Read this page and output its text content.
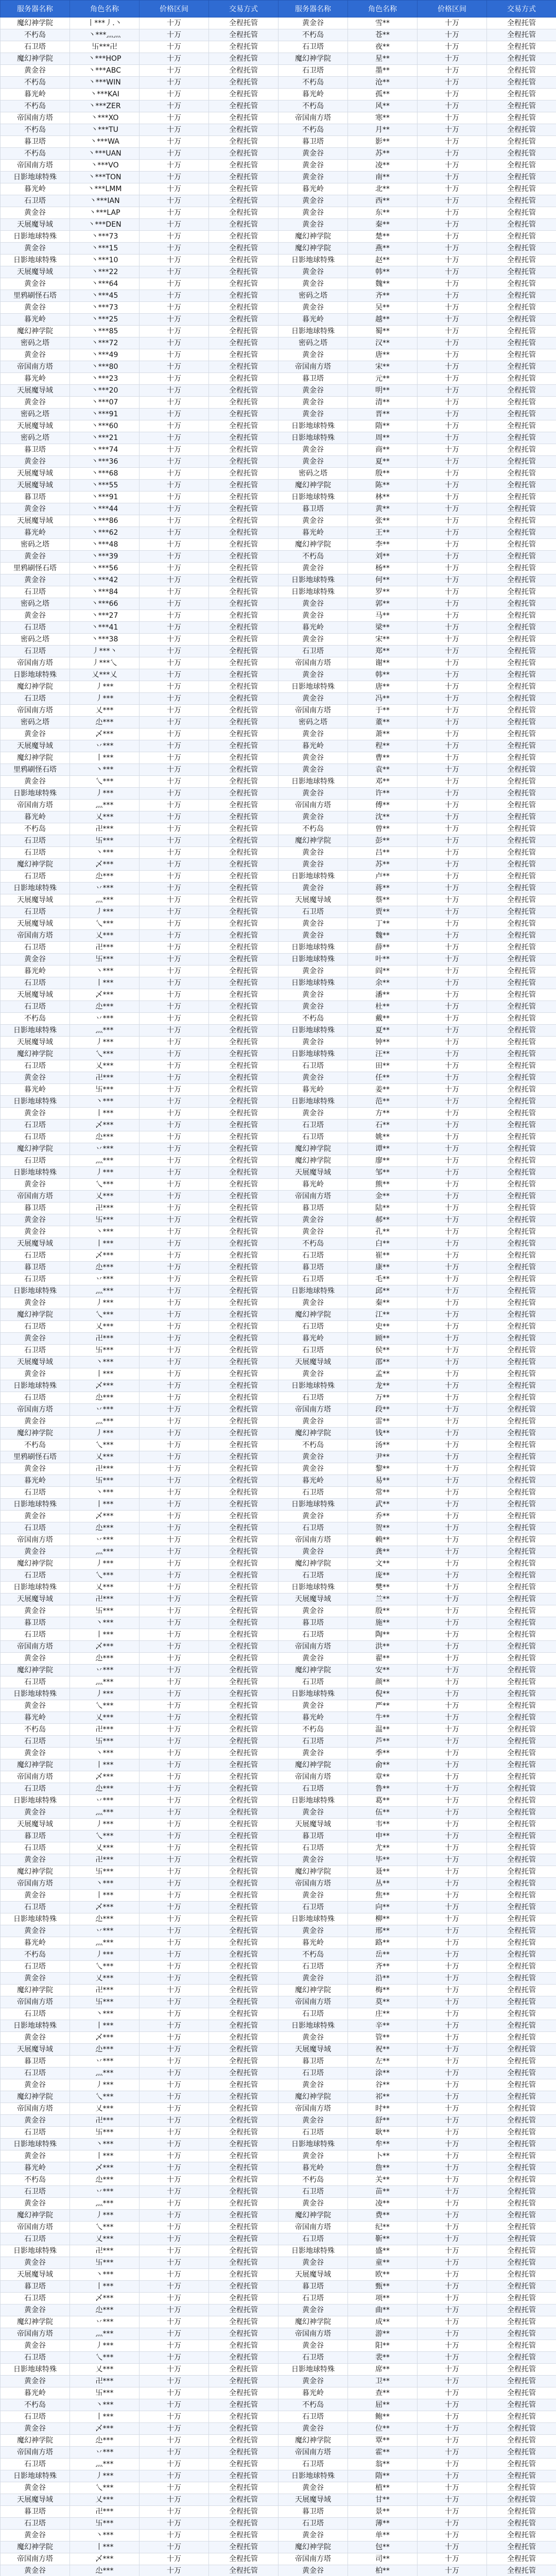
服务器名称	角色名称	价格区间	交易方式	服务器名称	角色名称	价格区间	交易方式
魔幻神学院	丨***丿.丶	十万	全程托管	黄金谷	雪**	十万	全程托管
不朽岛	丶***灬灬	十万	全程托管	不朽岛	苍**	十万	全程托管
石卫塔	卐***卍	十万	全程托管	石卫塔	夜**	十万	全程托管
魔幻神学院	丶***HOP	十万	全程托管	魔幻神学院	星**	十万	全程托管
黄金谷	丶***ABC	十万	全程托管	石卫塔	墨**	十万	全程托管
不朽岛	丶***WIN	十万	全程托管	不朽岛	沧**	十万	全程托管
暮光岭	丶***KAI	十万	全程托管	暮光岭	孤**	十万	全程托管
不朽岛	丶***ZER	十万	全程托管	不朽岛	风**	十万	全程托管
帝国南方塔	丶***XO	十万	全程托管	帝国南方塔	寒**	十万	全程托管
不朽岛	丶***TU	十万	全程托管	不朽岛	月**	十万	全程托管
暮卫塔	丶***WA	十万	全程托管	暮卫塔	影**	十万	全程托管
不朽岛	丶***UAN	十万	全程托管	黄金谷	苏**	十万	全程托管
帝国南方塔	丶***VO	十万	全程托管	黄金谷	凌**	十万	全程托管
日影地球特殊	丶***TON	十万	全程托管	黄金谷	南**	十万	全程托管
暮光岭	丶***LMM	十万	全程托管	暮光岭	北**	十万	全程托管
石卫塔	丶***IAN	十万	全程托管	黄金谷	西**	十万	全程托管
黄金谷	丶***LAP	十万	全程托管	黄金谷	东**	十万	全程托管
天展魔导域	丶***DEN	十万	全程托管	黄金谷	秦**	十万	全程托管
日影地球特殊	丶***73	十万	全程托管	魔幻神学院	楚**	十万	全程托管
黄金谷	丶***15	十万	全程托管	魔幻神学院	燕**	十万	全程托管
日影地球特殊	丶***10	十万	全程托管	日影地球特殊	赵**	十万	全程托管
天展魔导域	丶***22	十万	全程托管	黄金谷	韩**	十万	全程托管
黄金谷	丶***64	十万	全程托管	黄金谷	魏**	十万	全程托管
里鸦刷怪石塔	丶***45	十万	全程托管	密码之塔	齐**	十万	全程托管
黄金谷	丶***73	十万	全程托管	黄金谷	吴**	十万	全程托管
暮光岭	丶***25	十万	全程托管	暮光岭	越**	十万	全程托管
魔幻神学院	丶***85	十万	全程托管	日影地球特殊	蜀**	十万	全程托管
密码之塔	丶***72	十万	全程托管	密码之塔	汉**	十万	全程托管
黄金谷	丶***49	十万	全程托管	黄金谷	唐**	十万	全程托管
帝国南方塔	丶***80	十万	全程托管	帝国南方塔	宋**	十万	全程托管
暮光岭	丶***23	十万	全程托管	暮卫塔	元**	十万	全程托管
天展魔导域	丶***20	十万	全程托管	黄金谷	明**	十万	全程托管
黄金谷	丶***07	十万	全程托管	黄金谷	清**	十万	全程托管
密码之塔	丶***91	十万	全程托管	黄金谷	晋**	十万	全程托管
天展魔导域	丶***60	十万	全程托管	日影地球特殊	隋**	十万	全程托管
密码之塔	丶***21	十万	全程托管	日影地球特殊	周**	十万	全程托管
暮卫塔	丶***74	十万	全程托管	黄金谷	商**	十万	全程托管
黄金谷	丶***36	十万	全程托管	黄金谷	夏**	十万	全程托管
天展魔导域	丶***68	十万	全程托管	密码之塔	殷**	十万	全程托管
天展魔导域	丶***55	十万	全程托管	魔幻神学院	陈**	十万	全程托管
暮卫塔	丶***91	十万	全程托管	日影地球特殊	林**	十万	全程托管
黄金谷	丶***44	十万	全程托管	暮卫塔	黄**	十万	全程托管
天展魔导域	丶***86	十万	全程托管	黄金谷	张**	十万	全程托管
暮光岭	丶***62	十万	全程托管	暮光岭	王**	十万	全程托管
密码之塔	丶***48	十万	全程托管	魔幻神学院	李**	十万	全程托管
黄金谷	丶***39	十万	全程托管	不朽岛	刘**	十万	全程托管
里鸦刷怪石塔	丶***56	十万	全程托管	黄金谷	杨**	十万	全程托管
黄金谷	丶***42	十万	全程托管	日影地球特殊	何**	十万	全程托管
石卫塔	丶***84	十万	全程托管	日影地球特殊	罗**	十万	全程托管
密码之塔	丶***66	十万	全程托管	黄金谷	郭**	十万	全程托管
黄金谷	丶***27	十万	全程托管	黄金谷	马**	十万	全程托管
石卫塔	丶***41	十万	全程托管	暮光岭	梁**	十万	全程托管
密码之塔	丶***38	十万	全程托管	黄金谷	宋**	十万	全程托管
石卫塔	丿***丶	十万	全程托管	石卫塔	郑**	十万	全程托管
帝国南方塔	丿***乀	十万	全程托管	帝国南方塔	谢**	十万	全程托管
日影地球特殊	乂***乂	十万	全程托管	黄金谷	韩**	十万	全程托管
魔幻神学院	丿***	十万	全程托管	日影地球特殊	唐**	十万	全程托管
石卫塔	丿***	十万	全程托管	黄金谷	冯**	十万	全程托管
帝国南方塔	乂***	十万	全程托管	帝国南方塔	于**	十万	全程托管
密码之塔	尐***	十万	全程托管	密码之塔	董**	十万	全程托管
黄金谷	乄***	十万	全程托管	黄金谷	萧**	十万	全程托管
天展魔导域	丷***	十万	全程托管	暮光岭	程**	十万	全程托管
魔幻神学院	丨***	十万	全程托管	黄金谷	曹**	十万	全程托管
里鸦刷怪石塔	丶***	十万	全程托管	黄金谷	袁**	十万	全程托管
黄金谷	乀***	十万	全程托管	日影地球特殊	邓**	十万	全程托管
日影地球特殊	丿***	十万	全程托管	黄金谷	许**	十万	全程托管
帝国南方塔	灬***	十万	全程托管	帝国南方塔	傅**	十万	全程托管
暮光岭	乂***	十万	全程托管	黄金谷	沈**	十万	全程托管
不朽岛	卍***	十万	全程托管	不朽岛	曾**	十万	全程托管
石卫塔	卐***	十万	全程托管	魔幻神学院	彭**	十万	全程托管
石卫塔	丶***	十万	全程托管	黄金谷	吕**	十万	全程托管
魔幻神学院	乄***	十万	全程托管	黄金谷	苏**	十万	全程托管
石卫塔	尐***	十万	全程托管	日影地球特殊	卢**	十万	全程托管
日影地球特殊	丷***	十万	全程托管	黄金谷	蒋**	十万	全程托管
天展魔导域	灬***	十万	全程托管	天展魔导域	蔡**	十万	全程托管
石卫塔	丿***	十万	全程托管	石卫塔	贾**	十万	全程托管
天展魔导域	乀***	十万	全程托管	黄金谷	丁**	十万	全程托管
帝国南方塔	乂***	十万	全程托管	黄金谷	魏**	十万	全程托管
石卫塔	卍***	十万	全程托管	日影地球特殊	薛**	十万	全程托管
黄金谷	卐***	十万	全程托管	日影地球特殊	叶**	十万	全程托管
暮光岭	丶***	十万	全程托管	黄金谷	阎**	十万	全程托管
石卫塔	丨***	十万	全程托管	日影地球特殊	余**	十万	全程托管
天展魔导域	乄***	十万	全程托管	黄金谷	潘**	十万	全程托管
石卫塔	尐***	十万	全程托管	黄金谷	杜**	十万	全程托管
不朽岛	丷***	十万	全程托管	不朽岛	戴**	十万	全程托管
日影地球特殊	灬***	十万	全程托管	日影地球特殊	夏**	十万	全程托管
天展魔导域	丿***	十万	全程托管	黄金谷	钟**	十万	全程托管
魔幻神学院	乀***	十万	全程托管	日影地球特殊	汪**	十万	全程托管
石卫塔	乂***	十万	全程托管	石卫塔	田**	十万	全程托管
黄金谷	卍***	十万	全程托管	黄金谷	任**	十万	全程托管
暮光岭	卐***	十万	全程托管	暮光岭	姜**	十万	全程托管
日影地球特殊	丶***	十万	全程托管	日影地球特殊	范**	十万	全程托管
黄金谷	丨***	十万	全程托管	黄金谷	方**	十万	全程托管
石卫塔	乄***	十万	全程托管	石卫塔	石**	十万	全程托管
石卫塔	尐***	十万	全程托管	石卫塔	姚**	十万	全程托管
魔幻神学院	丷***	十万	全程托管	魔幻神学院	谭**	十万	全程托管
石卫塔	灬***	十万	全程托管	魔幻神学院	廖**	十万	全程托管
日影地球特殊	丿***	十万	全程托管	天展魔导域	邹**	十万	全程托管
黄金谷	乀***	十万	全程托管	暮光岭	熊**	十万	全程托管
帝国南方塔	乂***	十万	全程托管	帝国南方塔	金**	十万	全程托管
暮卫塔	卍***	十万	全程托管	暮卫塔	陆**	十万	全程托管
黄金谷	卐***	十万	全程托管	黄金谷	郝**	十万	全程托管
黄金谷	丶***	十万	全程托管	黄金谷	孔**	十万	全程托管
天展魔导域	丨***	十万	全程托管	不朽岛	白**	十万	全程托管
石卫塔	乄***	十万	全程托管	石卫塔	崔**	十万	全程托管
暮卫塔	尐***	十万	全程托管	暮卫塔	康**	十万	全程托管
石卫塔	丷***	十万	全程托管	石卫塔	毛**	十万	全程托管
日影地球特殊	灬***	十万	全程托管	日影地球特殊	邱**	十万	全程托管
黄金谷	丿***	十万	全程托管	黄金谷	秦**	十万	全程托管
魔幻神学院	乀***	十万	全程托管	魔幻神学院	江**	十万	全程托管
石卫塔	乂***	十万	全程托管	石卫塔	史**	十万	全程托管
黄金谷	卍***	十万	全程托管	暮光岭	顾**	十万	全程托管
石卫塔	卐***	十万	全程托管	石卫塔	侯**	十万	全程托管
天展魔导域	丶***	十万	全程托管	天展魔导域	邵**	十万	全程托管
黄金谷	丨***	十万	全程托管	黄金谷	孟**	十万	全程托管
日影地球特殊	乄***	十万	全程托管	日影地球特殊	龙**	十万	全程托管
石卫塔	尐***	十万	全程托管	石卫塔	万**	十万	全程托管
帝国南方塔	丷***	十万	全程托管	帝国南方塔	段**	十万	全程托管
黄金谷	灬***	十万	全程托管	黄金谷	雷**	十万	全程托管
魔幻神学院	丿***	十万	全程托管	魔幻神学院	钱**	十万	全程托管
不朽岛	乀***	十万	全程托管	不朽岛	汤**	十万	全程托管
里鸦刷怪石塔	乂***	十万	全程托管	黄金谷	尹**	十万	全程托管
黄金谷	卍***	十万	全程托管	黄金谷	黎**	十万	全程托管
暮光岭	卐***	十万	全程托管	暮光岭	易**	十万	全程托管
石卫塔	丶***	十万	全程托管	石卫塔	常**	十万	全程托管
日影地球特殊	丨***	十万	全程托管	日影地球特殊	武**	十万	全程托管
黄金谷	乄***	十万	全程托管	黄金谷	乔**	十万	全程托管
石卫塔	尐***	十万	全程托管	石卫塔	贺**	十万	全程托管
帝国南方塔	丷***	十万	全程托管	帝国南方塔	赖**	十万	全程托管
黄金谷	灬***	十万	全程托管	黄金谷	龚**	十万	全程托管
魔幻神学院	丿***	十万	全程托管	魔幻神学院	文**	十万	全程托管
石卫塔	乀***	十万	全程托管	石卫塔	庞**	十万	全程托管
日影地球特殊	乂***	十万	全程托管	日影地球特殊	樊**	十万	全程托管
天展魔导域	卍***	十万	全程托管	天展魔导域	兰**	十万	全程托管
黄金谷	卐***	十万	全程托管	黄金谷	殷**	十万	全程托管
暮卫塔	丶***	十万	全程托管	暮卫塔	施**	十万	全程托管
石卫塔	丨***	十万	全程托管	石卫塔	陶**	十万	全程托管
帝国南方塔	乄***	十万	全程托管	帝国南方塔	洪**	十万	全程托管
黄金谷	尐***	十万	全程托管	黄金谷	翟**	十万	全程托管
魔幻神学院	丷***	十万	全程托管	魔幻神学院	安**	十万	全程托管
石卫塔	灬***	十万	全程托管	石卫塔	颜**	十万	全程托管
日影地球特殊	丿***	十万	全程托管	日影地球特殊	倪**	十万	全程托管
黄金谷	乀***	十万	全程托管	黄金谷	严**	十万	全程托管
暮光岭	乂***	十万	全程托管	暮光岭	牛**	十万	全程托管
不朽岛	卍***	十万	全程托管	不朽岛	温**	十万	全程托管
石卫塔	卐***	十万	全程托管	石卫塔	芦**	十万	全程托管
黄金谷	丶***	十万	全程托管	黄金谷	季**	十万	全程托管
魔幻神学院	丨***	十万	全程托管	魔幻神学院	俞**	十万	全程托管
帝国南方塔	乄***	十万	全程托管	帝国南方塔	章**	十万	全程托管
石卫塔	尐***	十万	全程托管	石卫塔	鲁**	十万	全程托管
日影地球特殊	丷***	十万	全程托管	日影地球特殊	葛**	十万	全程托管
黄金谷	灬***	十万	全程托管	黄金谷	伍**	十万	全程托管
天展魔导域	丿***	十万	全程托管	天展魔导域	韦**	十万	全程托管
暮卫塔	乀***	十万	全程托管	暮卫塔	申**	十万	全程托管
石卫塔	乂***	十万	全程托管	石卫塔	尤**	十万	全程托管
黄金谷	卍***	十万	全程托管	黄金谷	毕**	十万	全程托管
魔幻神学院	卐***	十万	全程托管	魔幻神学院	聂**	十万	全程托管
帝国南方塔	丶***	十万	全程托管	帝国南方塔	丛**	十万	全程托管
黄金谷	丨***	十万	全程托管	黄金谷	焦**	十万	全程托管
石卫塔	乄***	十万	全程托管	石卫塔	向**	十万	全程托管
日影地球特殊	尐***	十万	全程托管	日影地球特殊	柳**	十万	全程托管
黄金谷	丷***	十万	全程托管	黄金谷	邢**	十万	全程托管
暮光岭	灬***	十万	全程托管	暮光岭	路**	十万	全程托管
不朽岛	丿***	十万	全程托管	不朽岛	岳**	十万	全程托管
石卫塔	乀***	十万	全程托管	石卫塔	齐**	十万	全程托管
黄金谷	乂***	十万	全程托管	黄金谷	沿**	十万	全程托管
魔幻神学院	卍***	十万	全程托管	魔幻神学院	梅**	十万	全程托管
帝国南方塔	卐***	十万	全程托管	帝国南方塔	莫**	十万	全程托管
石卫塔	丶***	十万	全程托管	石卫塔	庄**	十万	全程托管
日影地球特殊	丨***	十万	全程托管	日影地球特殊	辛**	十万	全程托管
黄金谷	乄***	十万	全程托管	黄金谷	管**	十万	全程托管
天展魔导域	尐***	十万	全程托管	天展魔导域	祝**	十万	全程托管
暮卫塔	丷***	十万	全程托管	暮卫塔	左**	十万	全程托管
石卫塔	灬***	十万	全程托管	石卫塔	涂**	十万	全程托管
黄金谷	丿***	十万	全程托管	黄金谷	谷**	十万	全程托管
魔幻神学院	乀***	十万	全程托管	魔幻神学院	祁**	十万	全程托管
帝国南方塔	乂***	十万	全程托管	帝国南方塔	时**	十万	全程托管
黄金谷	卍***	十万	全程托管	黄金谷	舒**	十万	全程托管
石卫塔	卐***	十万	全程托管	石卫塔	耿**	十万	全程托管
日影地球特殊	丶***	十万	全程托管	日影地球特殊	牟**	十万	全程托管
黄金谷	丨***	十万	全程托管	黄金谷	卜**	十万	全程托管
暮光岭	乄***	十万	全程托管	暮光岭	詹**	十万	全程托管
不朽岛	尐***	十万	全程托管	不朽岛	关**	十万	全程托管
石卫塔	丷***	十万	全程托管	石卫塔	苗**	十万	全程托管
黄金谷	灬***	十万	全程托管	黄金谷	凌**	十万	全程托管
魔幻神学院	丿***	十万	全程托管	魔幻神学院	费**	十万	全程托管
帝国南方塔	乀***	十万	全程托管	帝国南方塔	纪**	十万	全程托管
石卫塔	乂***	十万	全程托管	石卫塔	靳**	十万	全程托管
日影地球特殊	卍***	十万	全程托管	日影地球特殊	盛**	十万	全程托管
黄金谷	卐***	十万	全程托管	黄金谷	童**	十万	全程托管
天展魔导域	丶***	十万	全程托管	天展魔导域	欧**	十万	全程托管
暮卫塔	丨***	十万	全程托管	暮卫塔	甄**	十万	全程托管
石卫塔	乄***	十万	全程托管	石卫塔	项**	十万	全程托管
黄金谷	尐***	十万	全程托管	黄金谷	曲**	十万	全程托管
魔幻神学院	丷***	十万	全程托管	魔幻神学院	成**	十万	全程托管
帝国南方塔	灬***	十万	全程托管	帝国南方塔	游**	十万	全程托管
黄金谷	丿***	十万	全程托管	黄金谷	阳**	十万	全程托管
石卫塔	乀***	十万	全程托管	石卫塔	裴**	十万	全程托管
日影地球特殊	乂***	十万	全程托管	日影地球特殊	席**	十万	全程托管
黄金谷	卍***	十万	全程托管	黄金谷	卫**	十万	全程托管
暮光岭	卐***	十万	全程托管	暮光岭	查**	十万	全程托管
不朽岛	丶***	十万	全程托管	不朽岛	屈**	十万	全程托管
石卫塔	丨***	十万	全程托管	石卫塔	鲍**	十万	全程托管
黄金谷	乄***	十万	全程托管	黄金谷	位**	十万	全程托管
魔幻神学院	尐***	十万	全程托管	魔幻神学院	覃**	十万	全程托管
帝国南方塔	丷***	十万	全程托管	帝国南方塔	霍**	十万	全程托管
石卫塔	灬***	十万	全程托管	石卫塔	翁**	十万	全程托管
日影地球特殊	丿***	十万	全程托管	日影地球特殊	隋**	十万	全程托管
黄金谷	乀***	十万	全程托管	黄金谷	植**	十万	全程托管
天展魔导域	乂***	十万	全程托管	天展魔导域	甘**	十万	全程托管
暮卫塔	卍***	十万	全程托管	暮卫塔	景**	十万	全程托管
石卫塔	卐***	十万	全程托管	石卫塔	薄**	十万	全程托管
黄金谷	丶***	十万	全程托管	黄金谷	单**	十万	全程托管
魔幻神学院	丨***	十万	全程托管	魔幻神学院	包**	十万	全程托管
帝国南方塔	乄***	十万	全程托管	帝国南方塔	司**	十万	全程托管
黄金谷	尐***	十万	全程托管	黄金谷	柏**	十万	全程托管
